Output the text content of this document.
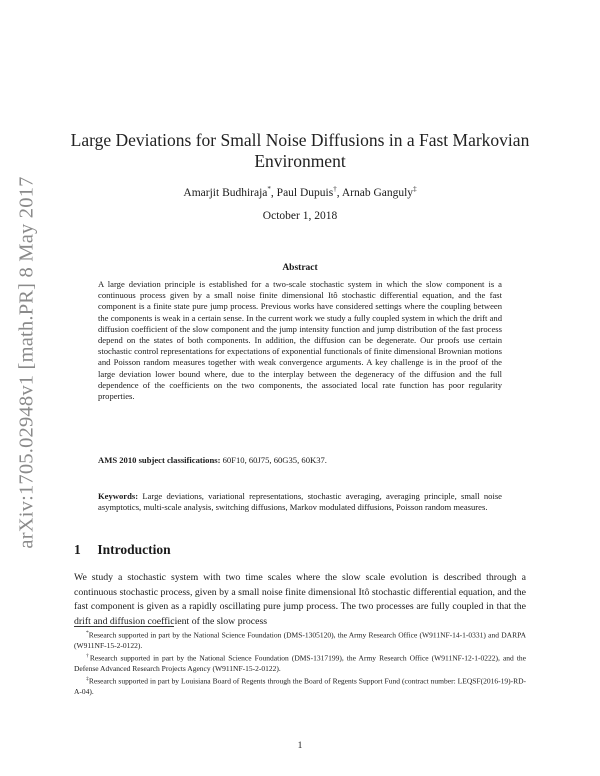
arXiv:1705.02948v1 [math.PR] 8 May 2017
Large Deviations for Small Noise Diffusions in a Fast Markovian Environment
Amarjit Budhiraja*, Paul Dupuis†, Arnab Ganguly‡
October 1, 2018
Abstract
A large deviation principle is established for a two-scale stochastic system in which the slow component is a continuous process given by a small noise finite dimensional Itô stochastic differential equation, and the fast component is a finite state pure jump process. Previous works have considered settings where the coupling between the components is weak in a certain sense. In the current work we study a fully coupled system in which the drift and diffusion coefficient of the slow component and the jump intensity function and jump distribution of the fast process depend on the states of both components. In addition, the diffusion can be degenerate. Our proofs use certain stochastic control representations for expectations of exponential functionals of finite dimensional Brownian motions and Poisson random measures together with weak convergence arguments. A key challenge is in the proof of the large deviation lower bound where, due to the interplay between the degeneracy of the diffusion and the full dependence of the coefficients on the two components, the associated local rate function has poor regularity properties.
AMS 2010 subject classifications: 60F10, 60J75, 60G35, 60K37.
Keywords: Large deviations, variational representations, stochastic averaging, averaging principle, small noise asymptotics, multi-scale analysis, switching diffusions, Markov modulated diffusions, Poisson random measures.
1 Introduction
We study a stochastic system with two time scales where the slow scale evolution is described through a continuous stochastic process, given by a small noise finite dimensional Itô stochastic differential equation, and the fast component is given as a rapidly oscillating pure jump process. The two processes are fully coupled in that the drift and diffusion coefficient of the slow process

*Research supported in part by the National Science Foundation (DMS-1305120), the Army Research Office (W911NF-14-1-0331) and DARPA (W911NF-15-2-0122).

†Research supported in part by the National Science Foundation (DMS-1317199), the Army Research Office (W911NF-12-1-0222), and the Defense Advanced Research Projects Agency (W911NF-15-2-0122).

‡Research supported in part by Louisiana Board of Regents through the Board of Regents Support Fund (contract number: LEQSF(2016-19)-RD-A-04).

1
